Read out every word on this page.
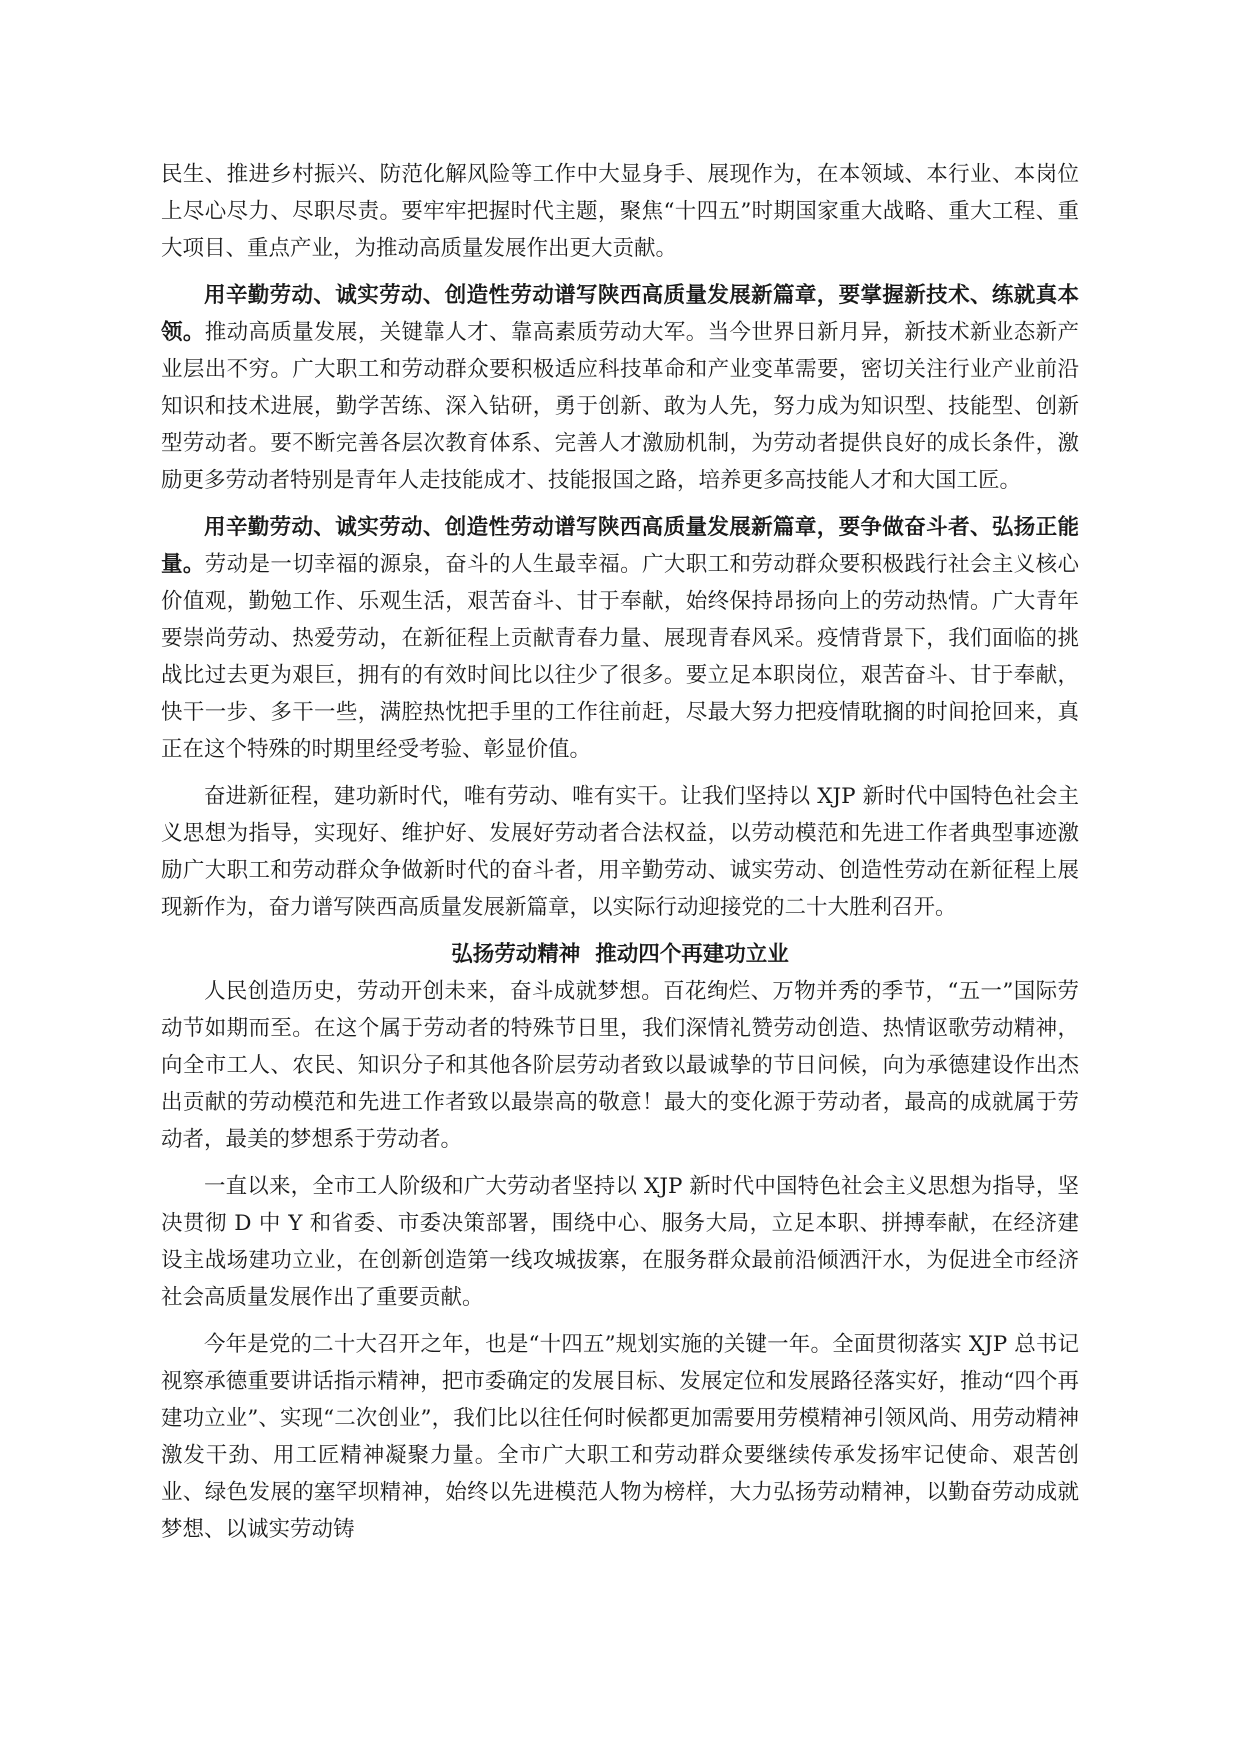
民生、推进乡村振兴、防范化解风险等工作中大显身手、展现作为，在本领域、本行业、本岗位上尽心尽力、尽职尽责。要牢牢把握时代主题，聚焦“十四五”时期国家重大战略、重大工程、重大项目、重点产业，为推动高质量发展作出更大贡献。

用辛勤劳动、诚实劳动、创造性劳动谱写陕西高质量发展新篇章，要掌握新技术、练就真本领。推动高质量发展，关键靠人才、靠高素质劳动大军。当今世界日新月异，新技术新业态新产业层出不穷。广大职工和劳动群众要积极适应科技革命和产业变革需要，密切关注行业产业前沿知识和技术进展，勤学苦练、深入钻研，勇于创新、敢为人先，努力成为知识型、技能型、创新型劳动者。要不断完善各层次教育体系、完善人才激励机制，为劳动者提供良好的成长条件，激励更多劳动者特别是青年人走技能成才、技能报国之路，培养更多高技能人才和大国工匠。

用辛勤劳动、诚实劳动、创造性劳动谱写陕西高质量发展新篇章，要争做奋斗者、弘扬正能量。劳动是一切幸福的源泉，奋斗的人生最幸福。广大职工和劳动群众要积极践行社会主义核心价值观，勤勉工作、乐观生活，艰苦奋斗、甘于奉献，始终保持昂扬向上的劳动热情。广大青年要崇尚劳动、热爱劳动，在新征程上贡献青春力量、展现青春风采。疫情背景下，我们面临的挑战比过去更为艰巨，拥有的有效时间比以往少了很多。要立足本职岗位，艰苦奋斗、甘于奉献，快干一步、多干一些，满腔热忱把手里的工作往前赶，尽最大努力把疫情耽搁的时间抢回来，真正在这个特殊的时期里经受考验、彰显价值。

奋进新征程，建功新时代，唯有劳动、唯有实干。让我们坚持以 XJP 新时代中国特色社会主义思想为指导，实现好、维护好、发展好劳动者合法权益，以劳动模范和先进工作者典型事迹激励广大职工和劳动群众争做新时代的奋斗者，用辛勤劳动、诚实劳动、创造性劳动在新征程上展现新作为，奋力谱写陕西高质量发展新篇章，以实际行动迎接党的二十大胜利召开。

弘扬劳动精神  推动四个再建功立业

人民创造历史，劳动开创未来，奋斗成就梦想。百花绚烂、万物并秀的季节，“五一”国际劳动节如期而至。在这个属于劳动者的特殊节日里，我们深情礼赞劳动创造、热情讴歌劳动精神，向全市工人、农民、知识分子和其他各阶层劳动者致以最诚挚的节日问候，向为承德建设作出杰出贡献的劳动模范和先进工作者致以最崇高的敬意！最大的变化源于劳动者，最高的成就属于劳动者，最美的梦想系于劳动者。

一直以来，全市工人阶级和广大劳动者坚持以 XJP 新时代中国特色社会主义思想为指导，坚决贯彻 D 中 Y 和省委、市委决策部署，围绕中心、服务大局，立足本职、拼搏奉献，在经济建设主战场建功立业，在创新创造第一线攻城拔寨，在服务群众最前沿倾洒汗水，为促进全市经济社会高质量发展作出了重要贡献。

今年是党的二十大召开之年，也是“十四五”规划实施的关键一年。全面贯彻落实 XJP 总书记视察承德重要讲话指示精神，把市委确定的发展目标、发展定位和发展路径落实好，推动“四个再建功立业”、实现“二次创业”，我们比以往任何时候都更加需要用劳模精神引领风尚、用劳动精神激发干劲、用工匠精神凝聚力量。全市广大职工和劳动群众要继续传承发扬牢记使命、艰苦创业、绿色发展的塞罕坝精神，始终以先进模范人物为榜样，大力弘扬劳动精神，以勤奋劳动成就梦想、以诚实劳动铸
